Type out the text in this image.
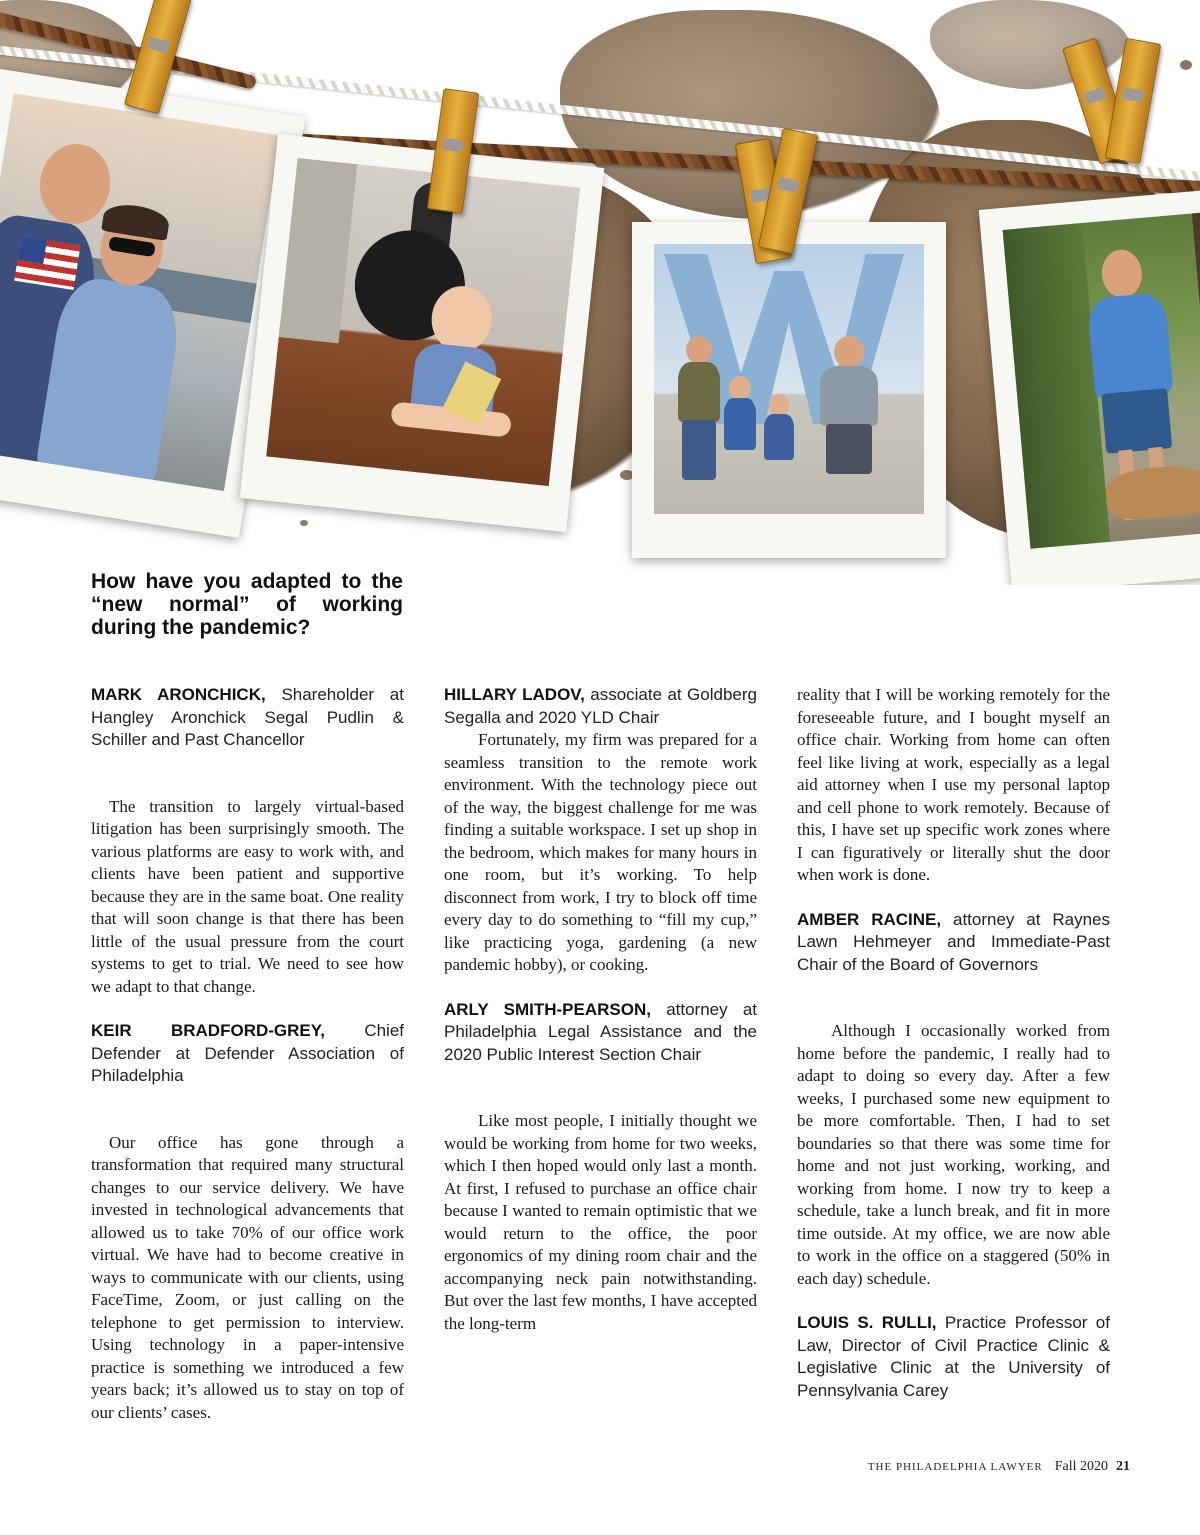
How have you adapted to the “new normal” of working during the pandemic?

MARK ARONCHICK, Shareholder at Hangley Aronchick Segal Pudlin & Schiller and Past Chancellor

The transition to largely virtual-based litigation has been surprisingly smooth. The various platforms are easy to work with, and clients have been patient and supportive because they are in the same boat. One reality that will soon change is that there has been little of the usual pressure from the court systems to get to trial. We need to see how we adapt to that change.

KEIR BRADFORD-GREY, Chief Defender at Defender Association of Philadelphia

Our office has gone through a transformation that required many structural changes to our service delivery. We have invested in technological advancements that allowed us to take 70% of our office work virtual. We have had to become creative in ways to communicate with our clients, using FaceTime, Zoom, or just calling on the telephone to get permission to interview. Using technology in a paper-intensive practice is something we introduced a few years back; it’s allowed us to stay on top of our clients’ cases.

HILLARY LADOV, associate at Goldberg Segalla and 2020 YLD Chair

Fortunately, my firm was prepared for a seamless transition to the remote work environment. With the technology piece out of the way, the biggest challenge for me was finding a suitable workspace. I set up shop in the bedroom, which makes for many hours in one room, but it’s working. To help disconnect from work, I try to block off time every day to do something to “fill my cup,” like practicing yoga, gardening (a new pandemic hobby), or cooking.

ARLY SMITH-PEARSON, attorney at Philadelphia Legal Assistance and the 2020 Public Interest Section Chair

Like most people, I initially thought we would be working from home for two weeks, which I then hoped would only last a month. At first, I refused to purchase an office chair because I wanted to remain optimistic that we would return to the office, the poor ergonomics of my dining room chair and the accompanying neck pain notwithstanding. But over the last few months, I have accepted the long-term

reality that I will be working remotely for the foreseeable future, and I bought myself an office chair. Working from home can often feel like living at work, especially as a legal aid attorney when I use my personal laptop and cell phone to work remotely. Because of this, I have set up specific work zones where I can figuratively or literally shut the door when work is done.

AMBER RACINE, attorney at Raynes Lawn Hehmeyer and Immediate-Past Chair of the Board of Governors

Although I occasionally worked from home before the pandemic, I really had to adapt to doing so every day. After a few weeks, I purchased some new equipment to be more comfortable. Then, I had to set boundaries so that there was some time for home and not just working, working, and working from home. I now try to keep a schedule, take a lunch break, and fit in more time outside. At my office, we are now able to work in the office on a staggered (50% in each day) schedule.

LOUIS S. RULLI, Practice Professor of Law, Director of Civil Practice Clinic & Legislative Clinic at the University of Pennsylvania Carey

THE PHILADELPHIA LAWYER Fall 2020 21
